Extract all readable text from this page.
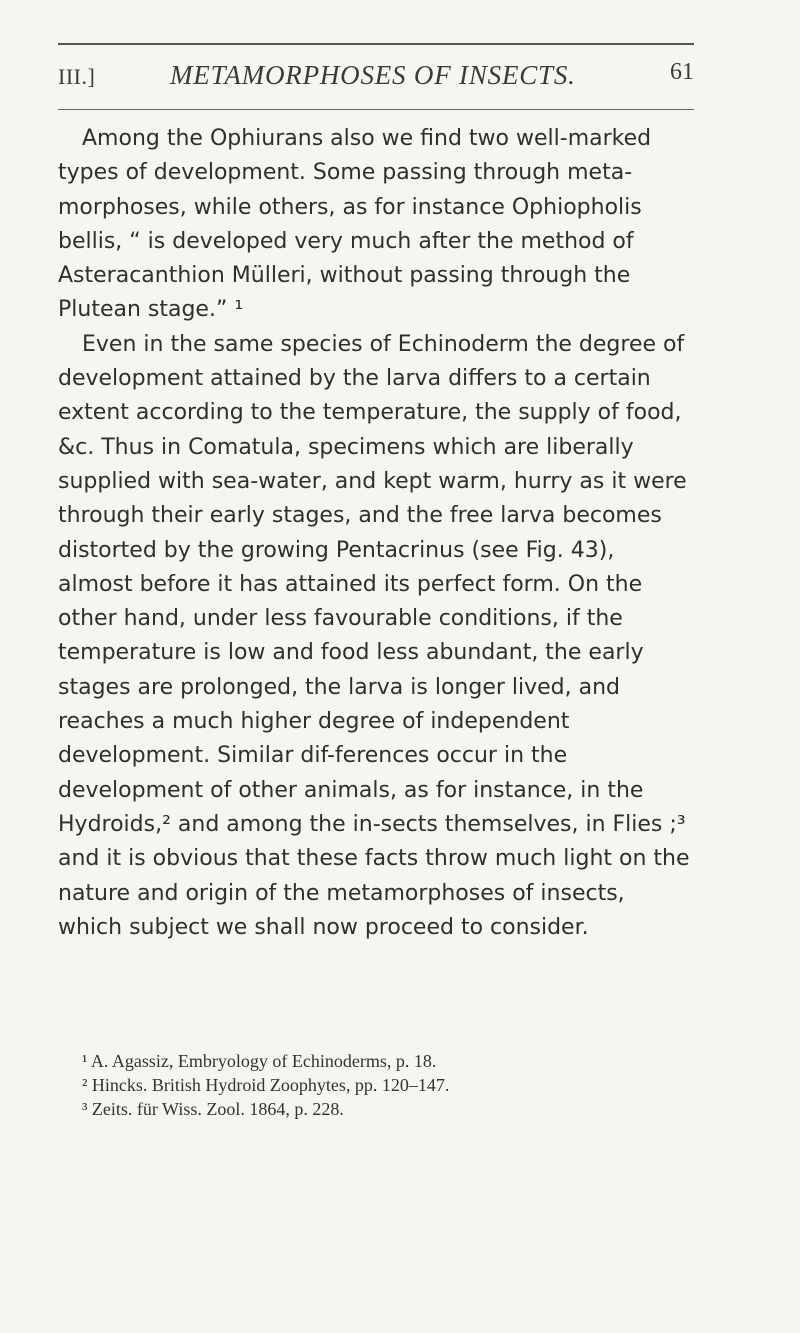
III.]	METAMORPHOSES OF INSECTS.	61

Among the Ophiurans also we find two well-marked types of development. Some passing through meta-morphoses, while others, as for instance Ophiopholis bellis, “ is developed very much after the method of Asteracanthion Mülleri, without passing through the Plutean stage.” ¹

Even in the same species of Echinoderm the degree of development attained by the larva differs to a certain extent according to the temperature, the supply of food, &c. Thus in Comatula, specimens which are liberally supplied with sea-water, and kept warm, hurry as it were through their early stages, and the free larva becomes distorted by the growing Pentacrinus (see Fig. 43), almost before it has attained its perfect form. On the other hand, under less favourable conditions, if the temperature is low and food less abundant, the early stages are prolonged, the larva is longer lived, and reaches a much higher degree of independent development. Similar dif-ferences occur in the development of other animals, as for instance, in the Hydroids,² and among the in-sects themselves, in Flies ;³ and it is obvious that these facts throw much light on the nature and origin of the metamorphoses of insects, which subject we shall now proceed to consider.

¹ A. Agassiz, Embryology of Echinoderms, p. 18.

² Hincks. British Hydroid Zoophytes, pp. 120–147.

³ Zeits. für Wiss. Zool. 1864, p. 228.
